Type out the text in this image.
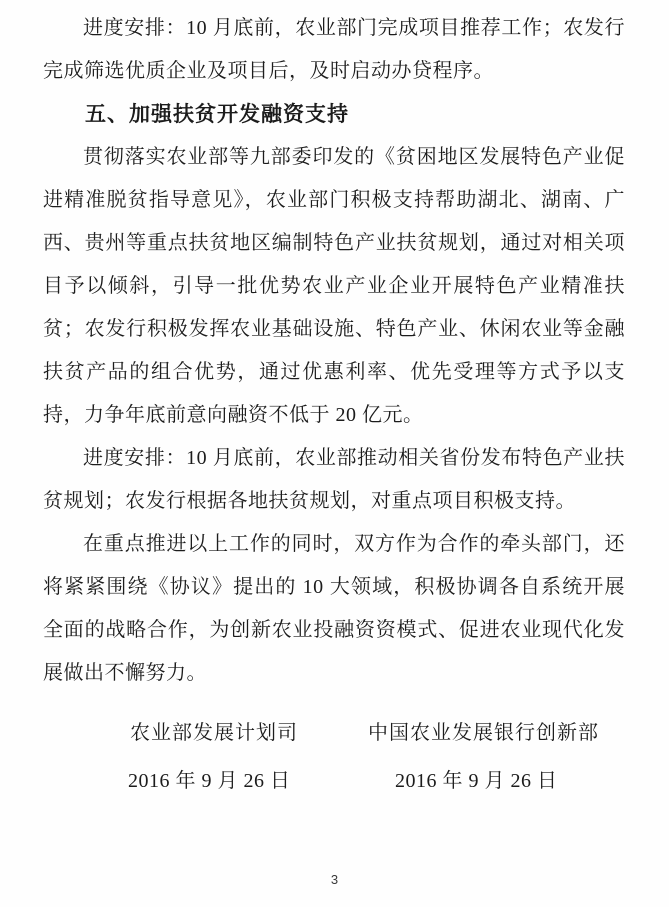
进度安排：10 月底前，农业部门完成项目推荐工作；农发行完成筛选优质企业及项目后，及时启动办贷程序。

五、加强扶贫开发融资支持

贯彻落实农业部等九部委印发的《贫困地区发展特色产业促进精准脱贫指导意见》，农业部门积极支持帮助湖北、湖南、广西、贵州等重点扶贫地区编制特色产业扶贫规划，通过对相关项目予以倾斜，引导一批优势农业产业企业开展特色产业精准扶贫；农发行积极发挥农业基础设施、特色产业、休闲农业等金融扶贫产品的组合优势，通过优惠利率、优先受理等方式予以支持，力争年底前意向融资不低于 20 亿元。

进度安排：10 月底前，农业部推动相关省份发布特色产业扶贫规划；农发行根据各地扶贫规划，对重点项目积极支持。

在重点推进以上工作的同时，双方作为合作的牵头部门，还将紧紧围绕《协议》提出的 10 大领域，积极协调各自系统开展全面的战略合作，为创新农业投融资资模式、促进农业现代化发展做出不懈努力。

农业部发展计划司	中国农业发展银行创新部
2016 年 9 月 26 日	2016 年 9 月 26 日
3
